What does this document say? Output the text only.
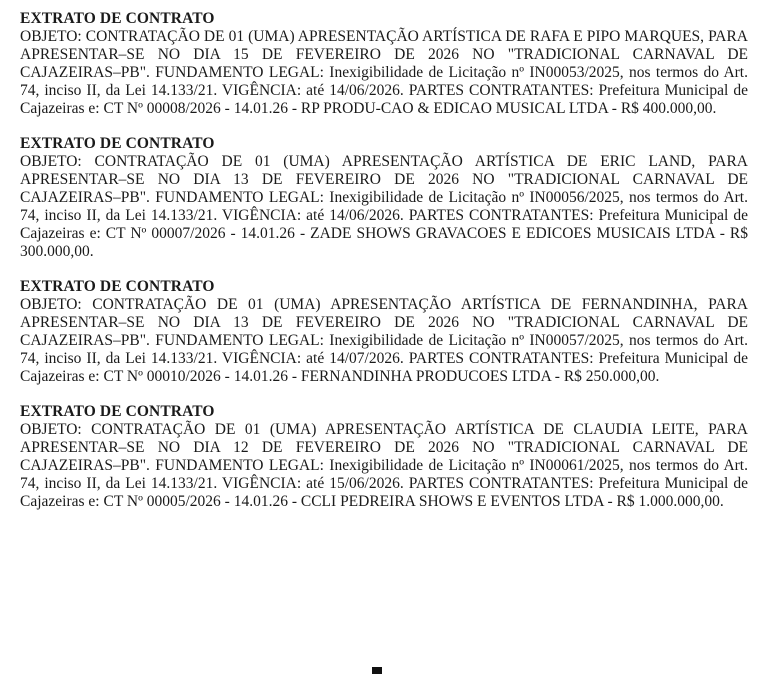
EXTRATO DE CONTRATO
OBJETO: CONTRATAÇÃO DE 01 (UMA) APRESENTAÇÃO ARTÍSTICA DE RAFA E PIPO MARQUES, PARA APRESENTAR–SE NO DIA 15 DE FEVEREIRO DE 2026 NO "TRADICIONAL CARNAVAL DE CAJAZEIRAS–PB". FUNDAMENTO LEGAL: Inexigibilidade de Licitação nº IN00053/2025, nos termos do Art. 74, inciso II, da Lei 14.133/21. VIGÊNCIA: até 14/06/2026. PARTES CONTRATANTES: Prefeitura Municipal de Cajazeiras e: CT Nº 00008/2026 - 14.01.26 - RP PRODU-CAO & EDICAO MUSICAL LTDA - R$ 400.000,00.
EXTRATO DE CONTRATO
OBJETO: CONTRATAÇÃO DE 01 (UMA) APRESENTAÇÃO ARTÍSTICA DE ERIC LAND, PARA APRESENTAR–SE NO DIA 13 DE FEVEREIRO DE 2026 NO "TRADICIONAL CARNAVAL DE CAJAZEIRAS–PB". FUNDAMENTO LEGAL: Inexigibilidade de Licitação nº IN00056/2025, nos termos do Art. 74, inciso II, da Lei 14.133/21. VIGÊNCIA: até 14/06/2026. PARTES CONTRATANTES: Prefeitura Municipal de Cajazeiras e: CT Nº 00007/2026 - 14.01.26 - ZADE SHOWS GRAVACOES E EDICOES MUSICAIS LTDA - R$ 300.000,00.
EXTRATO DE CONTRATO
OBJETO: CONTRATAÇÃO DE 01 (UMA) APRESENTAÇÃO ARTÍSTICA DE FERNANDINHA, PARA APRESENTAR–SE NO DIA 13 DE FEVEREIRO DE 2026 NO "TRADICIONAL CARNAVAL DE CAJAZEIRAS–PB". FUNDAMENTO LEGAL: Inexigibilidade de Licitação nº IN00057/2025, nos termos do Art. 74, inciso II, da Lei 14.133/21. VIGÊNCIA: até 14/07/2026. PARTES CONTRATANTES: Prefeitura Municipal de Cajazeiras e: CT Nº 00010/2026 - 14.01.26 - FERNANDINHA PRODUCOES LTDA - R$ 250.000,00.
EXTRATO DE CONTRATO
OBJETO: CONTRATAÇÃO DE 01 (UMA) APRESENTAÇÃO ARTÍSTICA DE CLAUDIA LEITE, PARA APRESENTAR–SE NO DIA 12 DE FEVEREIRO DE 2026 NO "TRADICIONAL CARNAVAL DE CAJAZEIRAS–PB". FUNDAMENTO LEGAL: Inexigibilidade de Licitação nº IN00061/2025, nos termos do Art. 74, inciso II, da Lei 14.133/21. VIGÊNCIA: até 15/06/2026. PARTES CONTRATANTES: Prefeitura Municipal de Cajazeiras e: CT Nº 00005/2026 - 14.01.26 - CCLI PEDREIRA SHOWS E EVENTOS LTDA - R$ 1.000.000,00.
